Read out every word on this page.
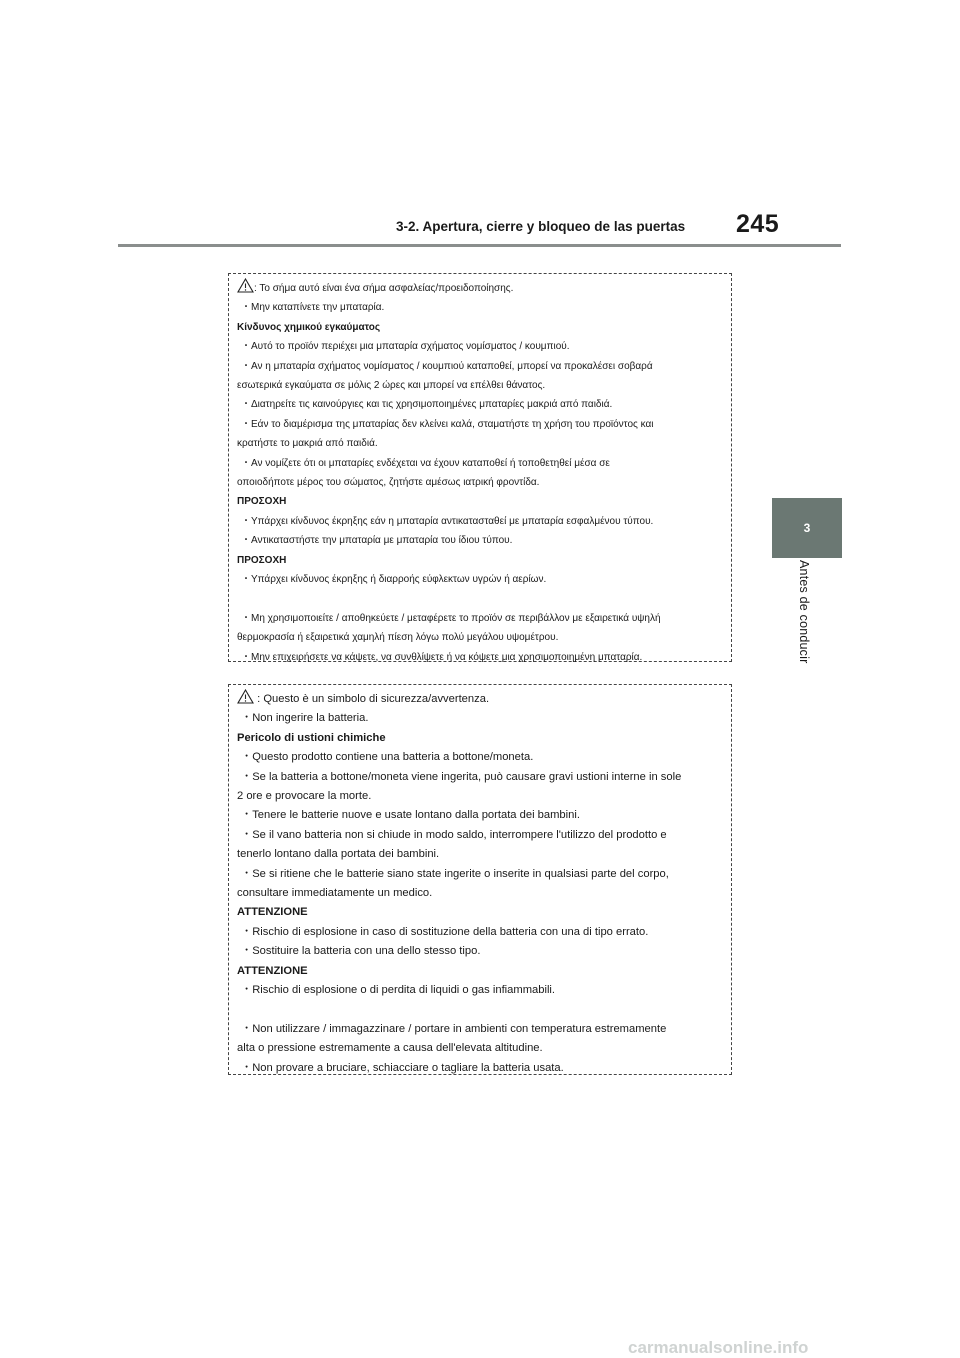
245
3-2. Apertura, cierre y bloqueo de las puertas
3
Antes de conducir
: Το σήμα αυτό είναι ένα σήμα ασφαλείας/προειδοποίησης.
・Μην καταπίνετε την μπαταρία.
Κίνδυνος χημικού εγκαύματος
・Αυτό το προϊόν περιέχει μια μπαταρία σχήματος νομίσματος / κουμπιού.
・Αν η μπαταρία σχήματος νομίσματος / κουμπιού καταποθεί, μπορεί να προκαλέσει σοβαρά
εσωτερικά εγκαύματα σε μόλις 2 ώρες και μπορεί να επέλθει θάνατος.
・Διατηρείτε τις καινούργιες και τις χρησιμοποιημένες μπαταρίες μακριά από παιδιά.
・Εάν το διαμέρισμα της μπαταρίας δεν κλείνει καλά, σταματήστε τη χρήση του προϊόντος και
κρατήστε το μακριά από παιδιά.
・Αν νομίζετε ότι οι μπαταρίες ενδέχεται να έχουν καταποθεί ή τοποθετηθεί μέσα σε
οποιοδήποτε μέρος του σώματος, ζητήστε αμέσως ιατρική φροντίδα.
ΠΡΟΣΟΧΗ
・Υπάρχει κίνδυνος έκρηξης εάν η μπαταρία αντικατασταθεί με μπαταρία εσφαλμένου τύπου.
・Αντικαταστήστε την μπαταρία με μπαταρία του ίδιου τύπου.
ΠΡΟΣΟΧΗ
・Υπάρχει κίνδυνος έκρηξης ή διαρροής εύφλεκτων υγρών ή αερίων.
・Μη χρησιμοποιείτε / αποθηκεύετε / μεταφέρετε το προϊόν σε περιβάλλον με εξαιρετικά υψηλή
θερμοκρασία ή εξαιρετικά χαμηλή πίεση λόγω πολύ μεγάλου υψομέτρου.
・Μην επιχειρήσετε να κάψετε, να συνθλίψετε ή να κόψετε μια χρησιμοποιημένη μπαταρία.
: Questo è un simbolo di sicurezza/avvertenza.
・Non ingerire la batteria.
Pericolo di ustioni chimiche
・Questo prodotto contiene una batteria a bottone/moneta.
・Se la batteria a bottone/moneta viene ingerita, può causare gravi ustioni interne in sole
2 ore e provocare la morte.
・Tenere le batterie nuove e usate lontano dalla portata dei bambini.
・Se il vano batteria non si chiude in modo saldo, interrompere l'utilizzo del prodotto e
tenerlo lontano dalla portata dei bambini.
・Se si ritiene che le batterie siano state ingerite o inserite in qualsiasi parte del corpo,
consultare immediatamente un medico.
ATTENZIONE
・Rischio di esplosione in caso di sostituzione della batteria con una di tipo errato.
・Sostituire la batteria con una dello stesso tipo.
ATTENZIONE
・Rischio di esplosione o di perdita di liquidi o gas infiammabili.
・Non utilizzare / immagazzinare / portare in ambienti con temperatura estremamente
alta o pressione estremamente a causa dell'elevata altitudine.
・Non provare a bruciare, schiacciare o tagliare la batteria usata.
carmanualsonline.info
